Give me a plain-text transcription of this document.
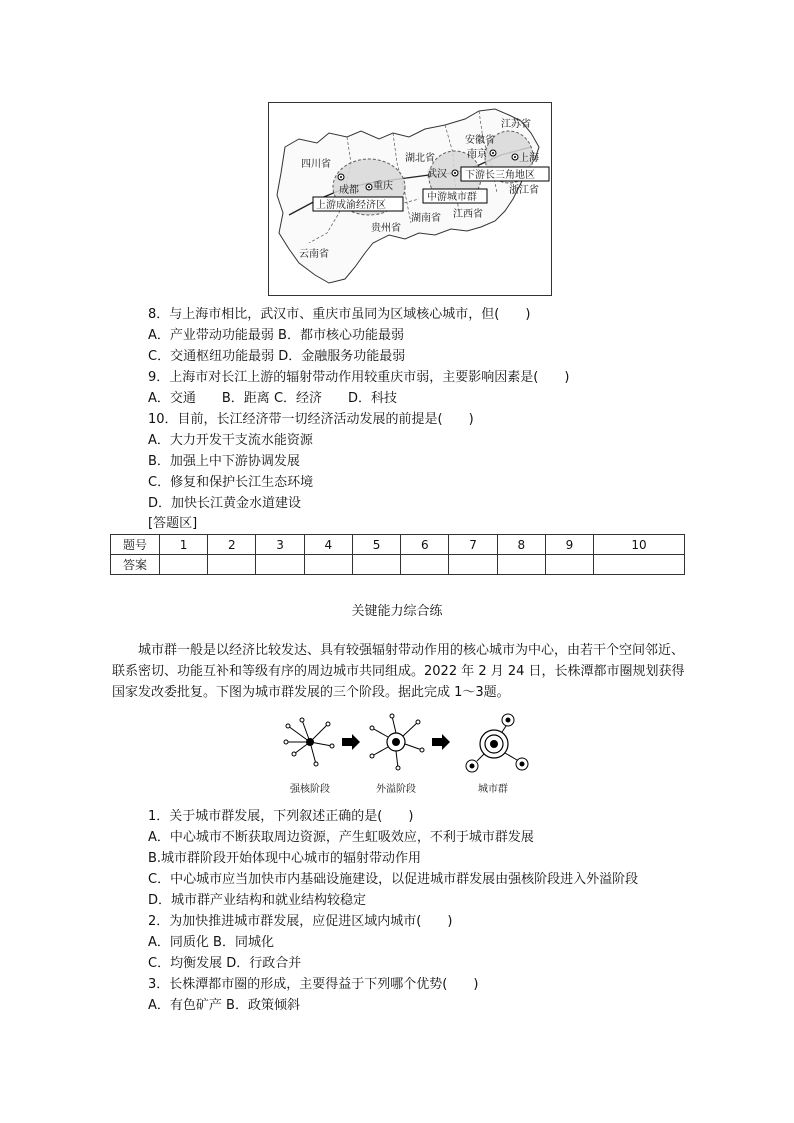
四川省
湖北省
安徽省
江苏省
浙江省
江西省
湖南省
贵州省
云南省
成都 重庆
武汉
南京	上海
上游成渝经济区
中游城市群
下游长三角地区
8．与上海市相比，武汉市、重庆市虽同为区域核心城市，但(　　)
A．产业带动功能最弱 B．都市核心功能最弱
C．交通枢纽功能最弱 D．金融服务功能最弱
9．上海市对长江上游的辐射带动作用较重庆市弱，主要影响因素是(　　)
A．交通　　B．距离 C．经济　　D．科技
10．目前，长江经济带一切经济活动发展的前提是(　　)
A．大力开发干支流水能资源
B．加强上中下游协调发展
C．修复和保护长江生态环境
D．加快长江黄金水道建设
[答题区]
题号	1	2	3	4	5	6	7	8	9	10
答案										
关键能力综合练
城市群一般是以经济比较发达、具有较强辐射带动作用的核心城市为中心，由若干个空间邻近、联系密切、功能互补和等级有序的周边城市共同组成。2022 年 2 月 24 日，长株潭都市圈规划获得国家发改委批复。下图为城市群发展的三个阶段。据此完成 1～3题。
强核阶段	外溢阶段	城市群
1．关于城市群发展，下列叙述正确的是(　　)
A．中心城市不断获取周边资源，产生虹吸效应，不利于城市群发展
B.城市群阶段开始体现中心城市的辐射带动作用
C．中心城市应当加快市内基础设施建设，以促进城市群发展由强核阶段进入外溢阶段
D．城市群产业结构和就业结构较稳定
2．为加快推进城市群发展，应促进区域内城市(　　)
A．同质化 B．同城化
C．均衡发展 D．行政合并
3．长株潭都市圈的形成，主要得益于下列哪个优势(　　)
A．有色矿产 B．政策倾斜
